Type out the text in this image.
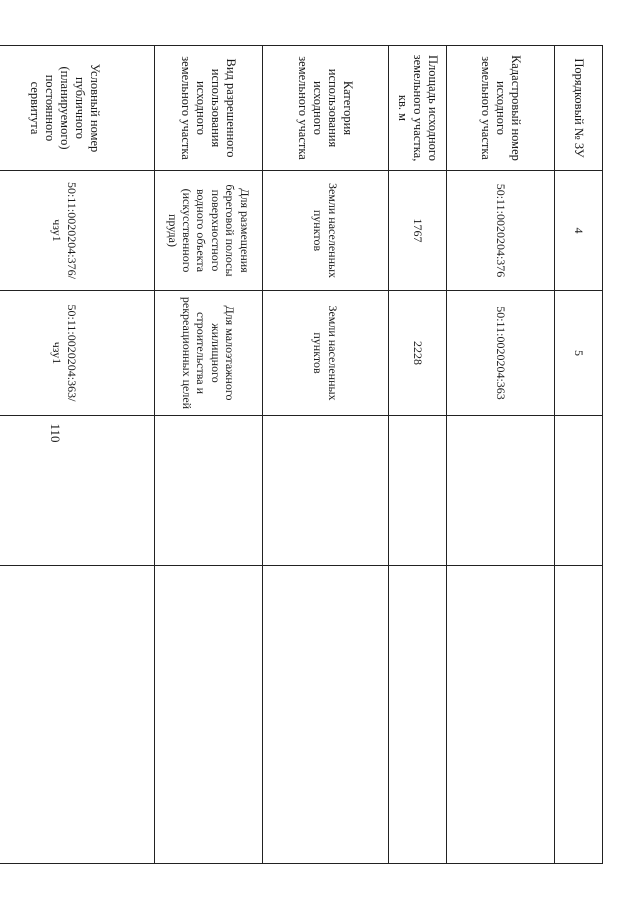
110
Порядковый № ЗУ	4	5		
Кадастровый номер исходного земельного участка	50:11:0020204:376	50:11:0020204:363		
Площадь исходного земельного участка, кв. м	1767	2228		
Категория использования исходного земельного участка	Земли населенных пунктов	Земли населенных пунктов		
Вид разрешенного использования исходного земельного участка	Для размещения береговой полосы поверхностного водного объекта (искусственного пруда)	Для малоэтажного жилищного строительства и рекреационных целей		
Условный номер публичного (планируемого) постоянного сервитута	50:11:0020204:376/чзу1	50:11:0020204:363/чзу1		
